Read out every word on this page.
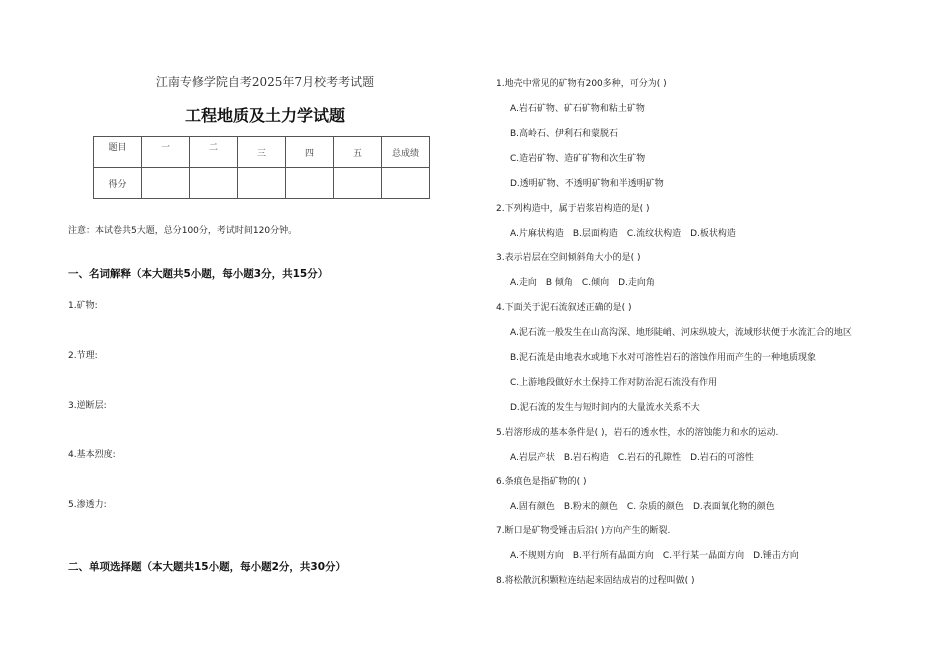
江南专修学院自考2025年7月校考考试题
工程地质及土力学试题
题目	一	二	三	四	五	总成绩
得分						
注意：本试卷共5大题，总分100分，考试时间120分钟。
一、名词解释（本大题共5小题，每小题3分，共15分）
1.矿物:
2.节理:
3.逆断层:
4.基本烈度:
5.渗透力:
二、单项选择题（本大题共15小题，每小题2分，共30分）
1.地壳中常见的矿物有200多种，可分为( )
A.岩石矿物、矿石矿物和粘土矿物
B.高岭石、伊利石和蒙脱石
C.造岩矿物、造矿矿物和次生矿物
D.透明矿物、不透明矿物和半透明矿物
2.下列构造中，属于岩浆岩构造的是( )
A.片麻状构造 B.层面构造 C.流纹状构造 D.板状构造
3.表示岩层在空间倾斜角大小的是( )
A.走向 B 倾角 C.倾向 D.走向角
4.下面关于泥石流叙述正确的是( )
A.泥石流一般发生在山高沟深、地形陡峭、河床纵坡大，流域形状便于水流汇合的地区
B.泥石流是由地表水或地下水对可溶性岩石的溶蚀作用而产生的一种地质现象
C.上游地段做好水土保持工作对防治泥石流没有作用
D.泥石流的发生与短时间内的大量流水关系不大
5.岩溶形成的基本条件是( )，岩石的透水性，水的溶蚀能力和水的运动.
A.岩层产状 B.岩石构造 C.岩石的孔隙性 D.岩石的可溶性
6.条痕色是指矿物的( )
A.固有颜色 B.粉末的颜色 C. 杂质的颜色 D.表面氧化物的颜色
7.断口是矿物受锤击后沿( )方向产生的断裂.
A.不规则方向 B.平行所有晶面方向 C.平行某一晶面方向 D.锤击方向
8.将松散沉积颗粒连结起来固结成岩的过程叫做( )
